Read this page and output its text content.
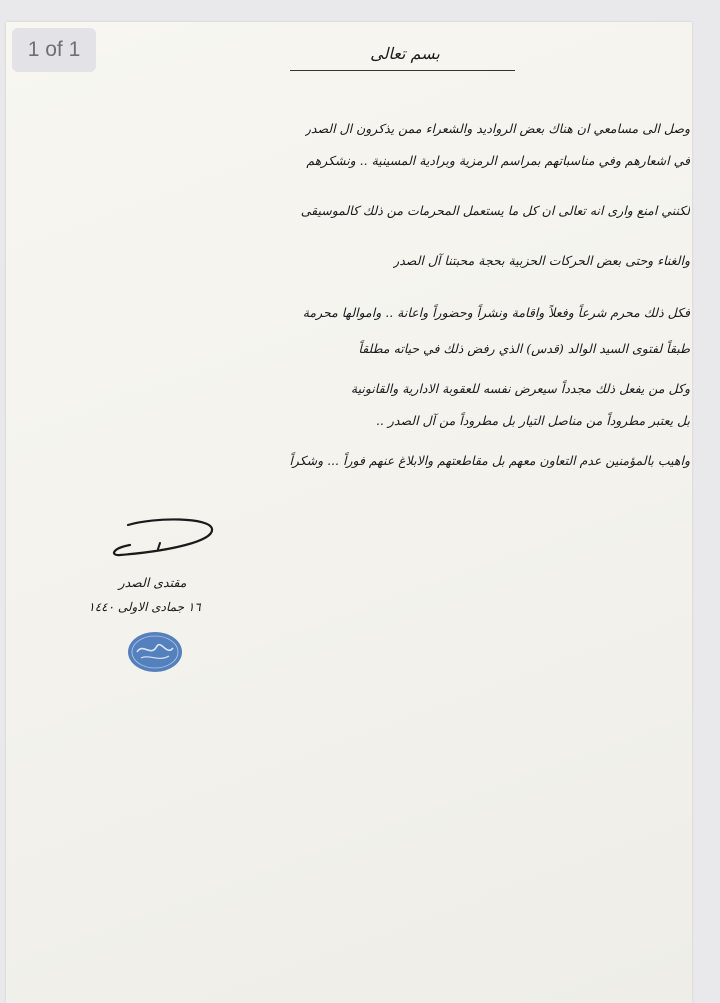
1 of 1	بسم تعالى
وصل الى مسامعي ان هناك بعض الرواديد والشعراء ممن يذكرون ال الصدر
في اشعارهم وفي مناسباتهم بمراسم الرمزية وبرادية المسينية .. ونشكرهم
لكنني امنع وارى انه تعالى ان كل ما يستعمل المحرمات من ذلك كالموسيقى
والغناء وحتى بعض الحركات الحزبية بحجة محبتنا آل الصدر
فكل ذلك محرم شرعاً وفعلاً واقامة ونشراً وحضوراً واعانة .. واموالها محرمة
طبقاً لفتوى السيد الوالد (قدس) الذي رفض ذلك في حياته مطلقاً
وكل من يفعل ذلك مجدداً سيعرض نفسه للعقوبة الادارية والقانونية
بل يعتبر مطروداً من مناصل التيار بل مطروداً من آل الصدر ..
واهيب بالمؤمنين عدم التعاون معهم بل مقاطعتهم والابلاغ عنهم فوراً ... وشكراً
مقتدى الصدر
١٦ جمادى الاولى ١٤٤٠
